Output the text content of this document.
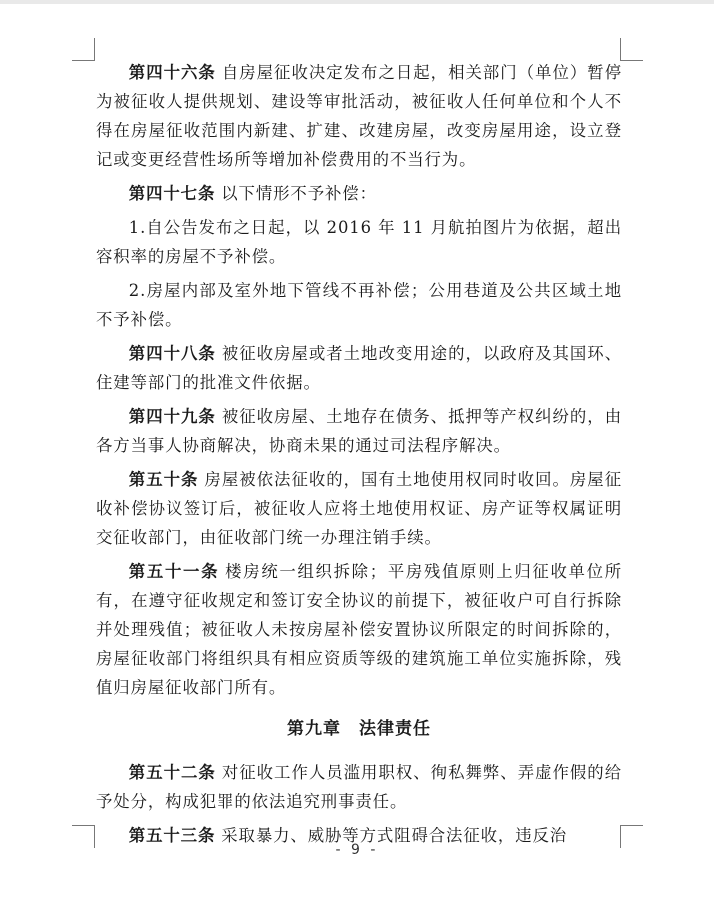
第四十六条 自房屋征收决定发布之日起，相关部门（单位）暂停为被征收人提供规划、建设等审批活动，被征收人任何单位和个人不得在房屋征收范围内新建、扩建、改建房屋，改变房屋用途，设立登记或变更经营性场所等增加补偿费用的不当行为。

第四十七条 以下情形不予补偿：

1.自公告发布之日起，以 2016 年 11 月航拍图片为依据，超出容积率的房屋不予补偿。

2.房屋内部及室外地下管线不再补偿；公用巷道及公共区域土地不予补偿。

第四十八条 被征收房屋或者土地改变用途的，以政府及其国环、住建等部门的批准文件依据。

第四十九条 被征收房屋、土地存在债务、抵押等产权纠纷的，由各方当事人协商解决，协商未果的通过司法程序解决。

第五十条 房屋被依法征收的，国有土地使用权同时收回。房屋征收补偿协议签订后，被征收人应将土地使用权证、房产证等权属证明交征收部门，由征收部门统一办理注销手续。

第五十一条 楼房统一组织拆除；平房残值原则上归征收单位所有，在遵守征收规定和签订安全协议的前提下，被征收户可自行拆除并处理残值；被征收人未按房屋补偿安置协议所限定的时间拆除的，房屋征收部门将组织具有相应资质等级的建筑施工单位实施拆除，残值归房屋征收部门所有。

第九章 法律责任

第五十二条 对征收工作人员滥用职权、徇私舞弊、弄虚作假的给予处分，构成犯罪的依法追究刑事责任。

第五十三条 采取暴力、威胁等方式阻碍合法征收，违反治

- 9 -
